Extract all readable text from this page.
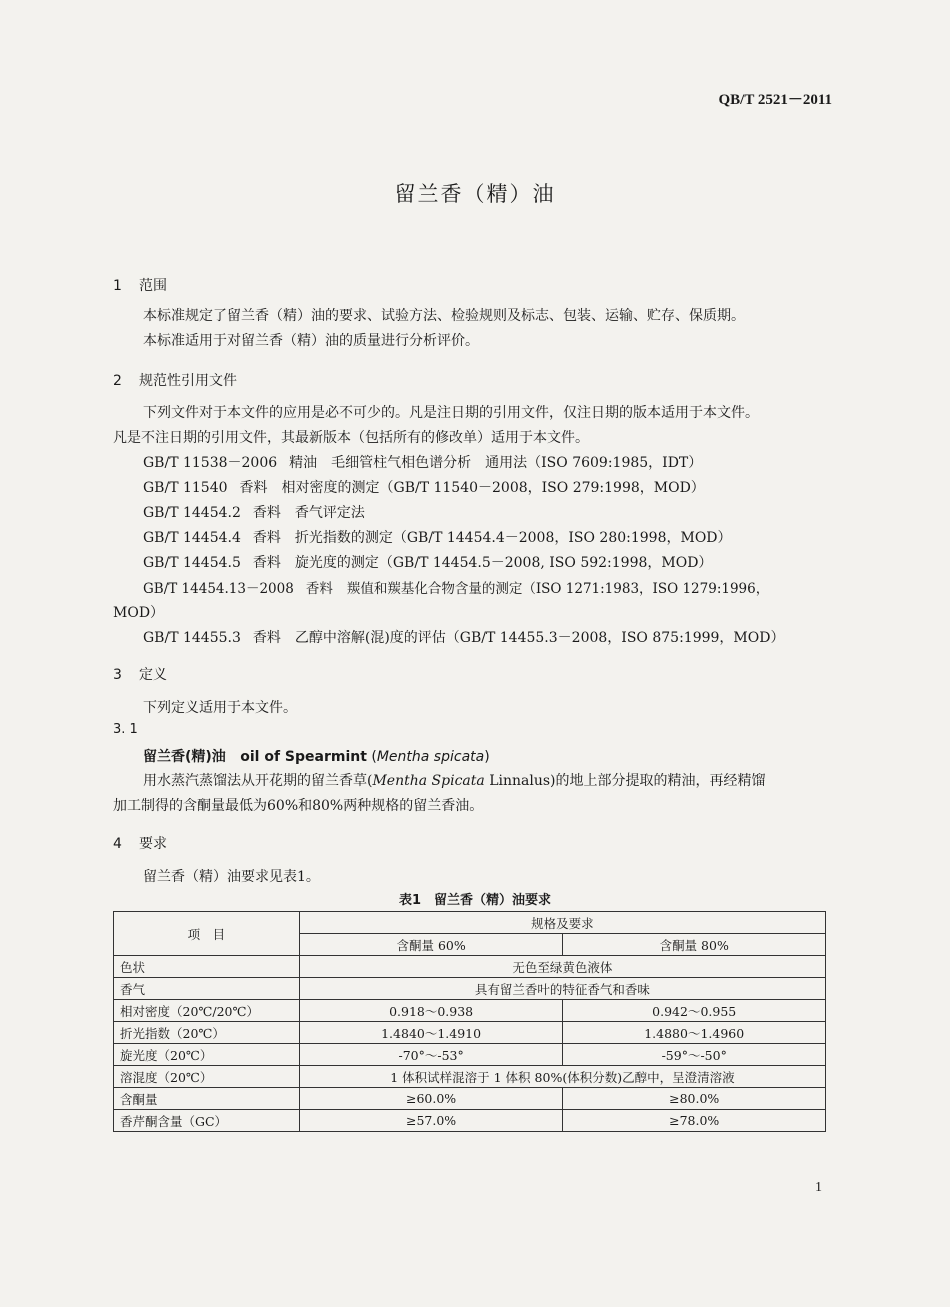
QB/T 2521－2011
留兰香（精）油
1 范围
本标准规定了留兰香（精）油的要求、试验方法、检验规则及标志、包装、运输、贮存、保质期。
本标准适用于对留兰香（精）油的质量进行分析评价。
2 规范性引用文件
下列文件对于本文件的应用是必不可少的。凡是注日期的引用文件，仅注日期的版本适用于本文件。
凡是不注日期的引用文件，其最新版本（包括所有的修改单）适用于本文件。
GB/T 11538－2006 精油 毛细管柱气相色谱分析　通用法（ISO 7609:1985，IDT）
GB/T 11540 香料 相对密度的测定（GB/T 11540－2008，ISO 279:1998，MOD）
GB/T 14454.2 香料 香气评定法
GB/T 14454.4 香料 折光指数的测定（GB/T 14454.4－2008，ISO 280:1998，MOD）
GB/T 14454.5 香料 旋光度的测定（GB/T 14454.5－2008, ISO 592:1998，MOD）
GB/T 14454.13－2008 香料 羰值和羰基化合物含量的测定（ISO 1271:1983，ISO 1279:1996，
MOD）
GB/T 14455.3 香料 乙醇中溶解(混)度的评估（GB/T 14455.3－2008，ISO 875:1999，MOD）
3 定义
下列定义适用于本文件。
3. 1
留兰香(精)油 oil of Spearmint (Mentha spicata)
用水蒸汽蒸馏法从开花期的留兰香草(Mentha Spicata Linnalus)的地上部分提取的精油，再经精馏
加工制得的含酮量最低为60%和80%两种规格的留兰香油。
4 要求
留兰香（精）油要求见表1。
表1　留兰香（精）油要求
项　目	规格及要求	
	含酮量 60%	含酮量 80%
色状	无色至绿黄色液体	
香气	具有留兰香叶的特征香气和香味	
相对密度（20℃/20℃）	0.918～0.938	0.942～0.955
折光指数（20℃）	1.4840～1.4910	1.4880～1.4960
旋光度（20℃）	-70°～-53°	-59°～-50°
溶混度（20℃）	1 体积试样混溶于 1 体积 80%(体积分数)乙醇中，呈澄清溶液	
含酮量	≥60.0%	≥80.0%
香芹酮含量（GC）	≥57.0%	≥78.0%
1
